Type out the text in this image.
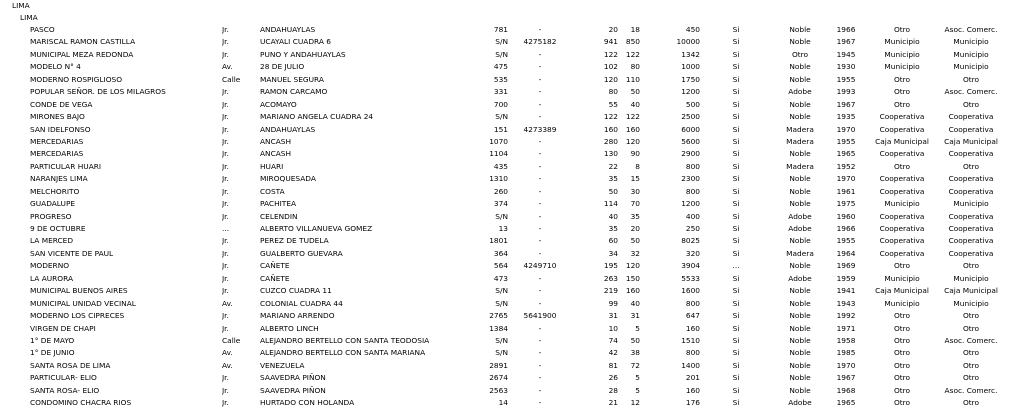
LIMA
LIMA
PASCO	Jr.	ANDAHUAYLAS	781	-	20	18	450	Si	Noble	1966	Otro	Asoc. Comerc.
MARISCAL RAMON CASTILLA	Jr.	UCAYALI CUADRA 6	S/N	4275182	941	850	10000	Si	Noble	1967	Municipio	Municipio
MUNICIPAL MEZA REDONDA	Jr.	PUNO Y ANDAHUAYLAS	S/N	-	122	122	1342	Si	Otro	1945	Municipio	Municipio
MODELO N° 4	Av.	28 DE JULIO	475	-	102	80	1000	Si	Noble	1930	Municipio	Municipio
MODERNO ROSPIGLIOSO	Calle	MANUEL SEGURA	535	-	120	110	1750	Si	Noble	1955	Otro	Otro
POPULAR SEÑOR. DE LOS MILAGROS	Jr.	RAMON CARCAMO	331	-	80	50	1200	Si	Adobe	1993	Otro	Asoc. Comerc.
CONDE DE VEGA	Jr.	ACOMAYO	700	-	55	40	500	Si	Noble	1967	Otro	Otro
MIRONES BAJO	Jr.	MARIANO ANGELA CUADRA 24	S/N	-	122	122	2500	Si	Noble	1935	Cooperativa	Cooperativa
SAN IDELFONSO	Jr.	ANDAHUAYLAS	151	4273389	160	160	6000	Si	Madera	1970	Cooperativa	Cooperativa
MERCEDARIAS	Jr.	ANCASH	1070	-	280	120	5600	Si	Madera	1955	Caja Municipal	Caja Municipal
MERCEDARIAS	Jr.	ANCASH	1104	-	130	90	2900	Si	Noble	1965	Cooperativa	Cooperativa
PARTICULAR HUARI	Jr.	HUARI	435	-	22	8	800	Si	Madera	1952	Otro	Otro
NARANJES LIMA	Jr.	MIROQUESADA	1310	-	35	15	2300	Si	Noble	1970	Cooperativa	Cooperativa
MELCHORITO	Jr.	COSTA	260	-	50	30	800	Si	Noble	1961	Cooperativa	Cooperativa
GUADALUPE	Jr.	PACHITEA	374	-	114	70	1200	Si	Noble	1975	Municipio	Municipio
PROGRESO	Jr.	CELENDIN	S/N	-	40	35	400	Si	Adobe	1960	Cooperativa	Cooperativa
9 DE OCTUBRE	...	ALBERTO VILLANUEVA GOMEZ	13	-	35	20	250	Si	Adobe	1966	Cooperativa	Cooperativa
LA MERCED	Jr.	PEREZ DE TUDELA	1801	-	60	50	8025	Si	Noble	1955	Cooperativa	Cooperativa
SAN VICENTE DE PAUL	Jr.	GUALBERTO GUEVARA	364	-	34	32	320	Si	Madera	1964	Cooperativa	Cooperativa
MODERNO	Jr.	CAÑETE	564	4249710	195	120	3904	...	Noble	1969	Otro	Otro
LA AURORA	Jr.	CAÑETE	473	-	263	150	5533	Si	Adobe	1959	Municipio	Municipio
MUNICIPAL BUENOS AIRES	Jr.	CUZCO CUADRA 11	S/N	-	219	160	1600	Si	Noble	1941	Caja Municipal	Caja Municipal
MUNICIPAL UNIDAD VECINAL	Av.	COLONIAL CUADRA 44	S/N	-	99	40	800	Si	Noble	1943	Municipio	Municipio
MODERNO LOS CIPRECES	Jr.	MARIANO ARRENDO	2765	5641900	31	31	647	Si	Noble	1992	Otro	Otro
VIRGEN DE CHAPI	Jr.	ALBERTO LINCH	1384	-	10	5	160	Si	Noble	1971	Otro	Otro
1° DE MAYO	Calle	ALEJANDRO BERTELLO CON SANTA TEODOSIA	S/N	-	74	50	1510	Si	Noble	1958	Otro	Asoc. Comerc.
1° DE JUNIO	Av.	ALEJANDRO BERTELLO CON SANTA MARIANA	S/N	-	42	38	800	Si	Noble	1985	Otro	Otro
SANTA ROSA DE LIMA	Av.	VENEZUELA	2891	-	81	72	1400	Si	Noble	1970	Otro	Otro
PARTICULAR- ELIO	Jr.	SAAVEDRA PIÑON	2674	-	26	5	201	Si	Noble	1967	Otro	Otro
SANTA ROSA- ELIO	Jr.	SAAVEDRA PIÑON	2563	-	28	5	160	Si	Noble	1968	Otro	Asoc. Comerc.
CONDOMINO CHACRA RIOS	Jr.	HURTADO CON HOLANDA	14	-	21	12	176	Si	Adobe	1965	Otro	Otro
